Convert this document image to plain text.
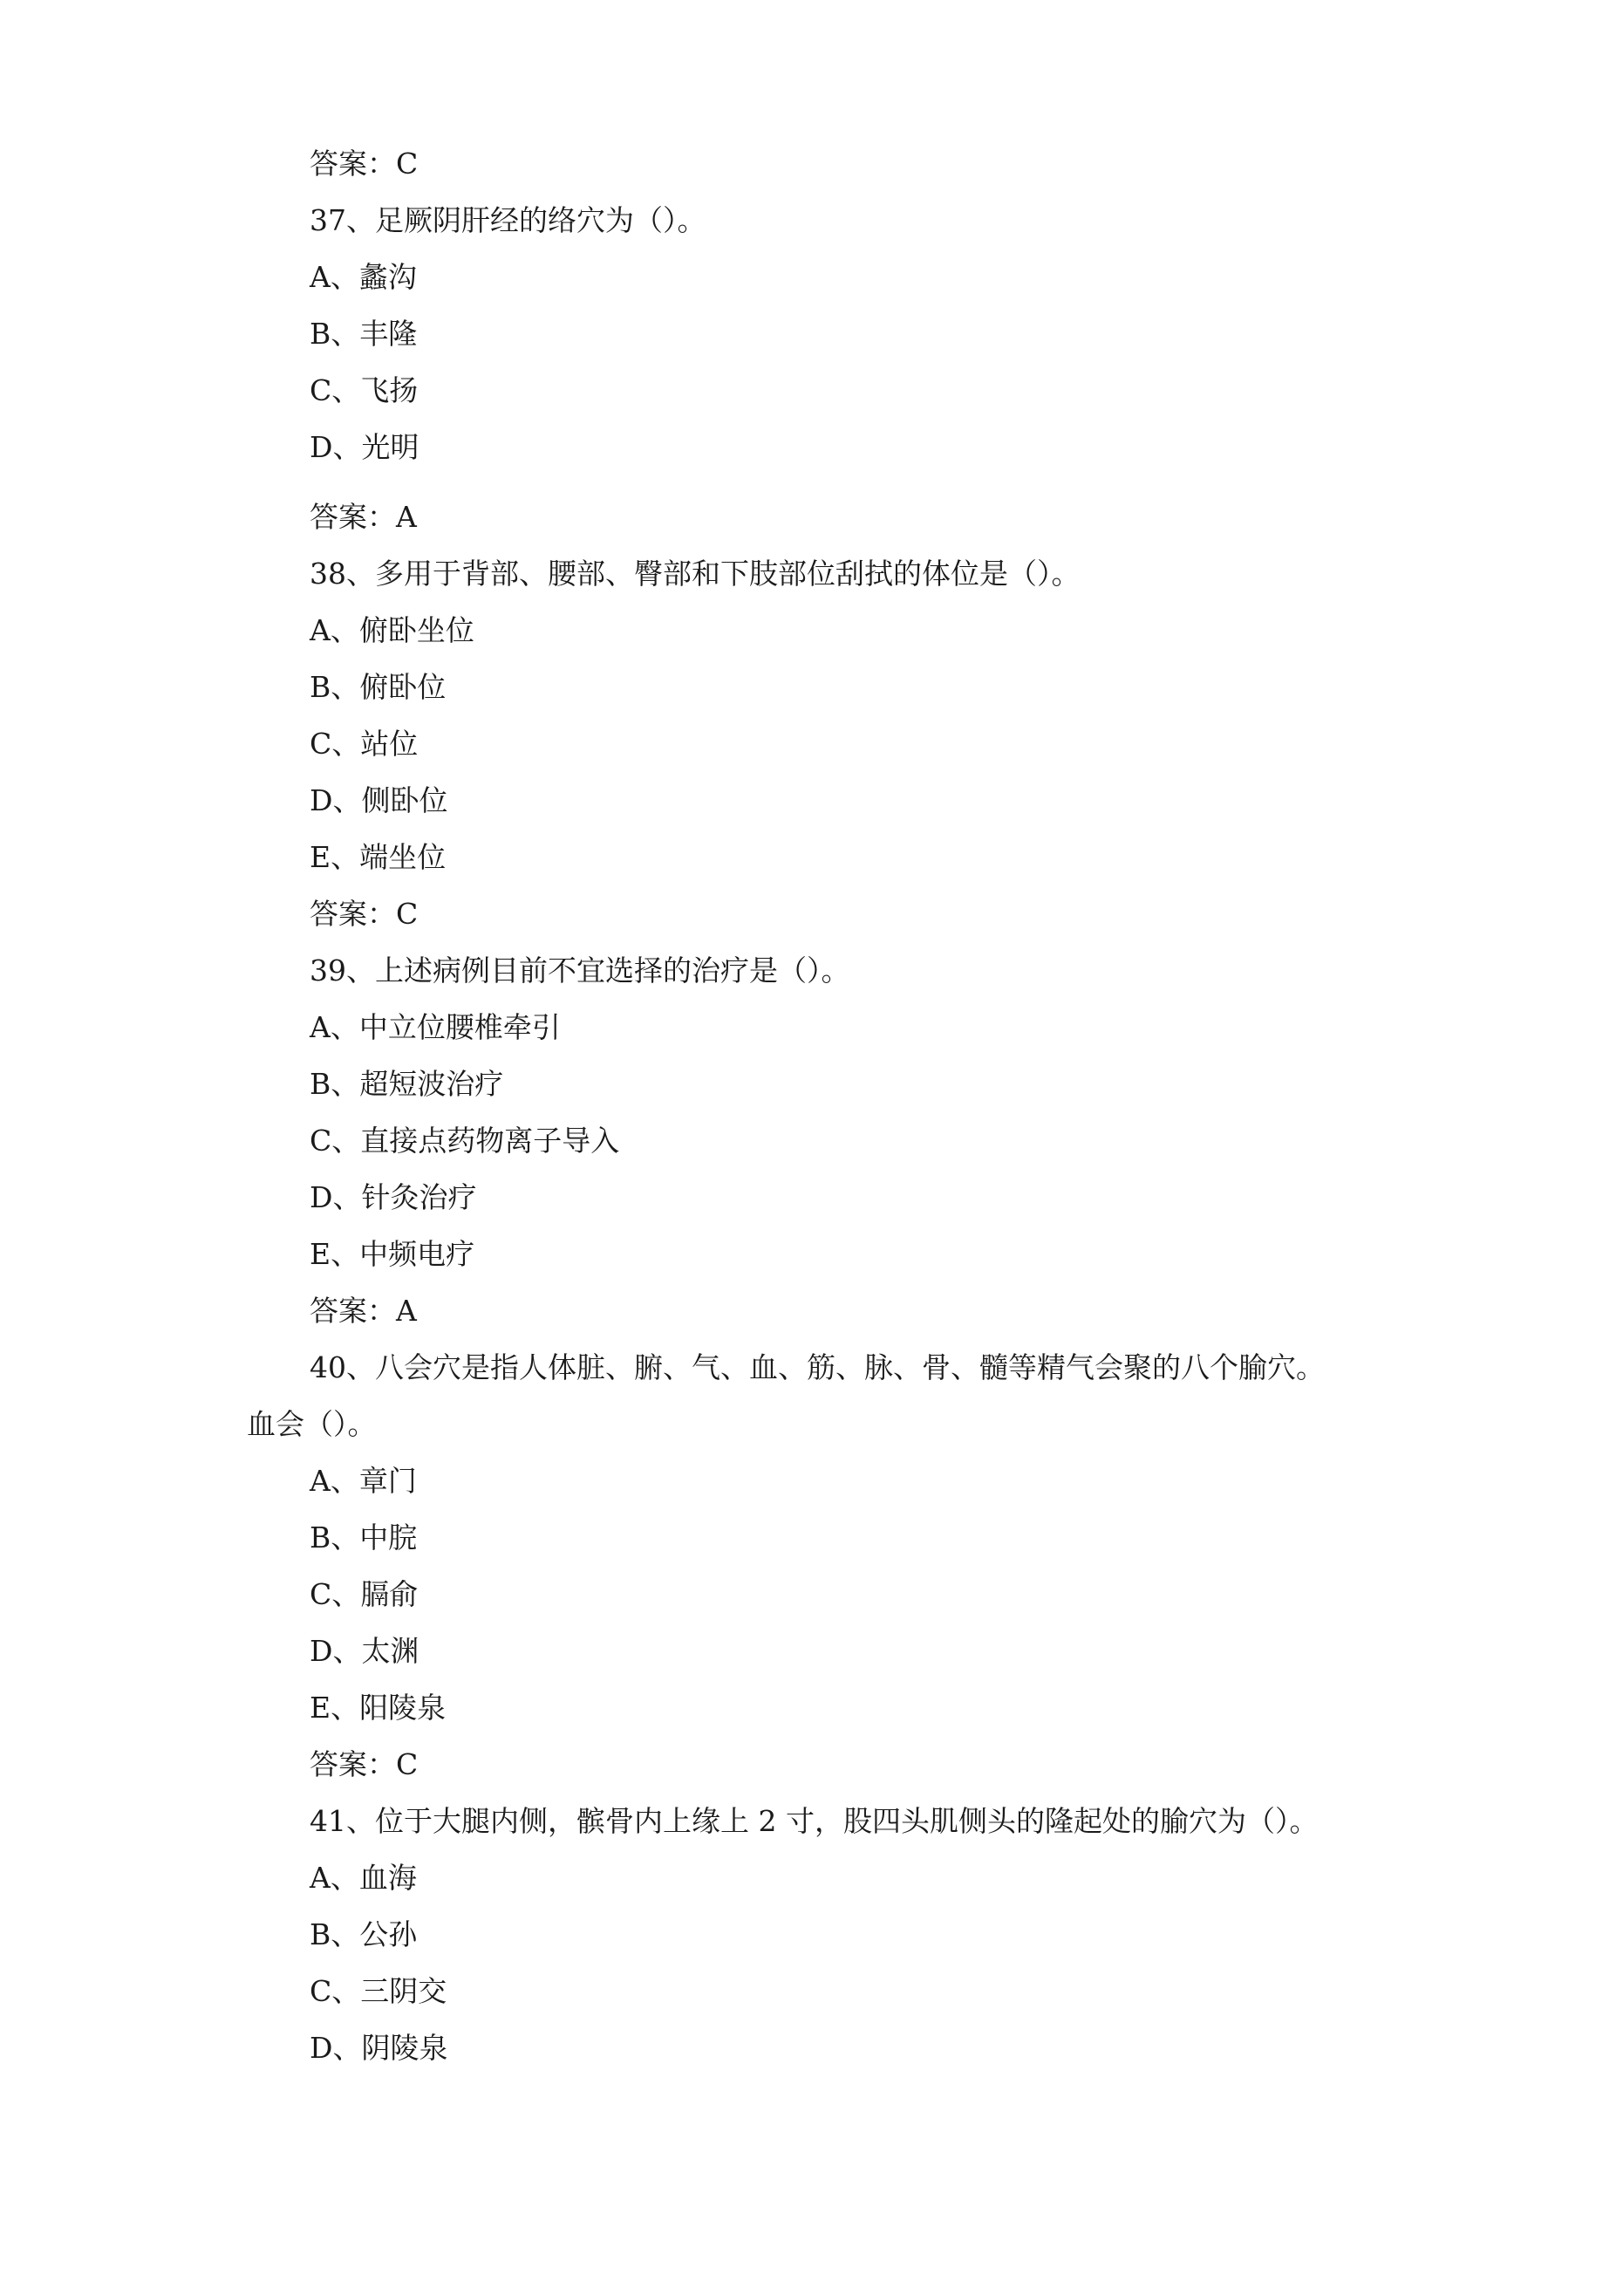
答案：C
37、足厥阴肝经的络穴为（）。
A、蠡沟
B、丰隆
C、飞扬
D、光明
答案：A
38、多用于背部、腰部、臀部和下肢部位刮拭的体位是（）。
A、俯卧坐位
B、俯卧位
C、站位
D、侧卧位
E、端坐位
答案：C
39、上述病例目前不宜选择的治疗是（）。
A、中立位腰椎牵引
B、超短波治疗
C、直接点药物离子导入
D、针灸治疗
E、中频电疗
答案：A
40、八会穴是指人体脏、腑、气、血、筋、脉、骨、髓等精气会聚的八个腧穴。
血会（）。
A、章门
B、中脘
C、膈俞
D、太渊
E、阳陵泉
答案：C
41、位于大腿内侧，髌骨内上缘上 2 寸，股四头肌侧头的隆起处的腧穴为（）。
A、血海
B、公孙
C、三阴交
D、阴陵泉
